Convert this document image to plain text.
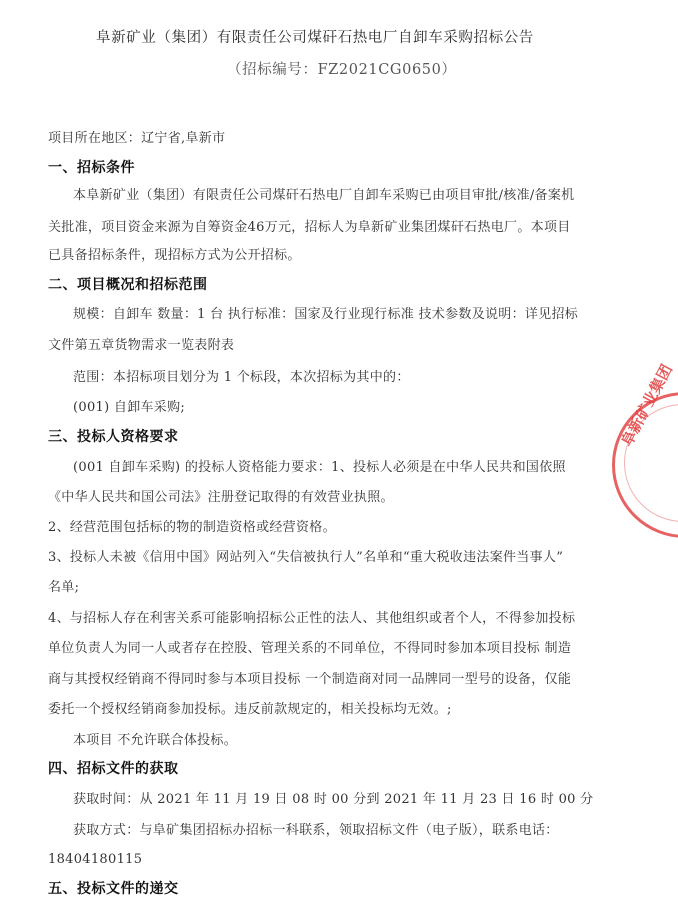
阜新矿业（集团）有限责任公司煤矸石热电厂自卸车采购招标公告
（招标编号：FZ2021CG0650）
项目所在地区：辽宁省,阜新市
一、招标条件
本阜新矿业（集团）有限责任公司煤矸石热电厂自卸车采购已由项目审批/核准/备案机
关批准，项目资金来源为自筹资金46万元，招标人为阜新矿业集团煤矸石热电厂。本项目
已具备招标条件，现招标方式为公开招标。
二、项目概况和招标范围
规模：自卸车 数量：1 台 执行标准：国家及行业现行标准 技术参数及说明：详见招标
文件第五章货物需求一览表附表
范围：本招标项目划分为 1 个标段，本次招标为其中的：
(001) 自卸车采购;
三、投标人资格要求
(001 自卸车采购) 的投标人资格能力要求：1、投标人必须是在中华人民共和国依照
《中华人民共和国公司法》注册登记取得的有效营业执照。
2、经营范围包括标的物的制造资格或经营资格。
3、投标人未被《信用中国》网站列入“失信被执行人”名单和“重大税收违法案件当事人”
名单;
4、与招标人存在利害关系可能影响招标公正性的法人、其他组织或者个人，不得参加投标
单位负责人为同一人或者存在控股、管理关系的不同单位，不得同时参加本项目投标 制造
商与其授权经销商不得同时参与本项目投标 一个制造商对同一品牌同一型号的设备，仅能
委托一个授权经销商参加投标。违反前款规定的，相关投标均无效。;
本项目 不允许联合体投标。
四、招标文件的获取
获取时间：从 2021 年 11 月 19 日 08 时 00 分到 2021 年 11 月 23 日 16 时 00 分
获取方式：与阜矿集团招标办招标一科联系，领取招标文件（电子版），联系电话：
18404180115
五、投标文件的递交
阜新矿业集团
